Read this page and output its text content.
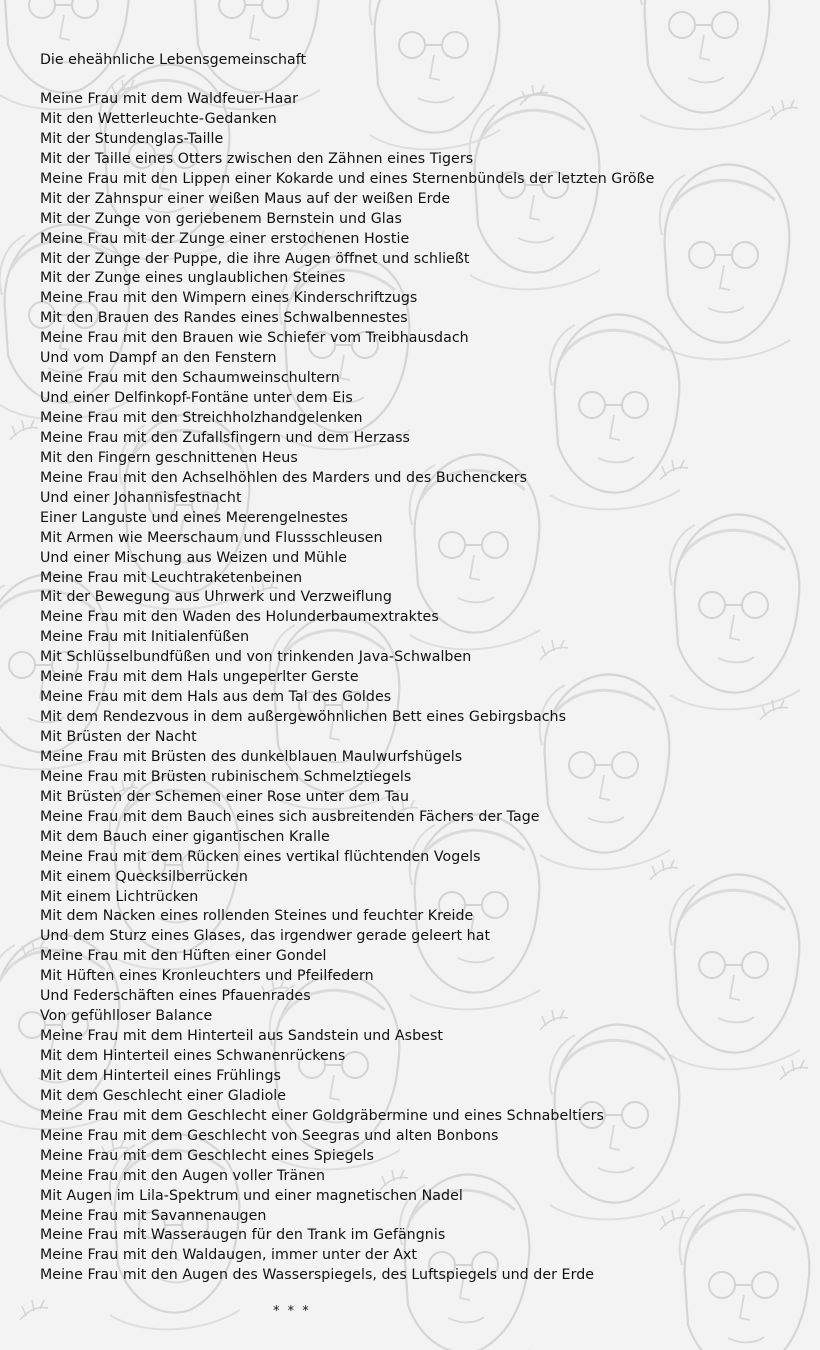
Die eheähnliche Lebensgemeinschaft
Meine Frau mit dem Waldfeuer-Haar
Mit den Wetterleuchte-Gedanken
Mit der Stundenglas-Taille
Mit der Taille eines Otters zwischen den Zähnen eines Tigers
Meine Frau mit den Lippen einer Kokarde und eines Sternenbündels der letzten Größe
Mit der Zahnspur einer weißen Maus auf der weißen Erde
Mit der Zunge von geriebenem Bernstein und Glas
Meine Frau mit der Zunge einer erstochenen Hostie
Mit der Zunge der Puppe, die ihre Augen öffnet und schließt
Mit der Zunge eines unglaublichen Steines
Meine Frau mit den Wimpern eines Kinderschriftzugs
Mit den Brauen des Randes eines Schwalbennestes
Meine Frau mit den Brauen wie Schiefer vom Treibhausdach
Und vom Dampf an den Fenstern
Meine Frau mit den Schaumweinschultern
Und einer Delfinkopf-Fontäne unter dem Eis
Meine Frau mit den Streichholzhandgelenken
Meine Frau mit den Zufallsfingern und dem Herzass
Mit den Fingern geschnittenen Heus
Meine Frau mit den Achselhöhlen des Marders und des Buchenckers
Und einer Johannisfestnacht
Einer Languste und eines Meerengelnestes
Mit Armen wie Meerschaum und Flussschleusen
Und einer Mischung aus Weizen und Mühle
Meine Frau mit Leuchtraketenbeinen
Mit der Bewegung aus Uhrwerk und Verzweiflung
Meine Frau mit den Waden des Holunderbaumextraktes
Meine Frau mit Initialenfüßen
Mit Schlüsselbundfüßen und von trinkenden Java-Schwalben
Meine Frau mit dem Hals ungeperlter Gerste
Meine Frau mit dem Hals aus dem Tal des Goldes
Mit dem Rendezvous in dem außergewöhnlichen Bett eines Gebirgsbachs
Mit Brüsten der Nacht
Meine Frau mit Brüsten des dunkelblauen Maulwurfshügels
Meine Frau mit Brüsten rubinischem Schmelztiegels
Mit Brüsten der Schemen einer Rose unter dem Tau
Meine Frau mit dem Bauch eines sich ausbreitenden Fächers der Tage
Mit dem Bauch einer gigantischen Kralle
Meine Frau mit dem Rücken eines vertikal flüchtenden Vogels
Mit einem Quecksilberrücken
Mit einem Lichtrücken
Mit dem Nacken eines rollenden Steines und feuchter Kreide
Und dem Sturz eines Glases, das irgendwer gerade geleert hat
Meine Frau mit den Hüften einer Gondel
Mit Hüften eines Kronleuchters und Pfeilfedern
Und Federschäften eines Pfauenrades
Von gefühlloser Balance
Meine Frau mit dem Hinterteil aus Sandstein und Asbest
Mit dem Hinterteil eines Schwanenrückens
Mit dem Hinterteil eines Frühlings
Mit dem Geschlecht einer Gladiole
Meine Frau mit dem Geschlecht einer Goldgräbermine und eines Schnabeltiers
Meine Frau mit dem Geschlecht von Seegras und alten Bonbons
Meine Frau mit dem Geschlecht eines Spiegels
Meine Frau mit den Augen voller Tränen
Mit Augen im Lila-Spektrum und einer magnetischen Nadel
Meine Frau mit Savannenaugen
Meine Frau mit Wasseraugen für den Trank im Gefängnis
Meine Frau mit den Waldaugen, immer unter der Axt
Meine Frau mit den Augen des Wasserspiegels, des Luftspiegels und der Erde
* * *
